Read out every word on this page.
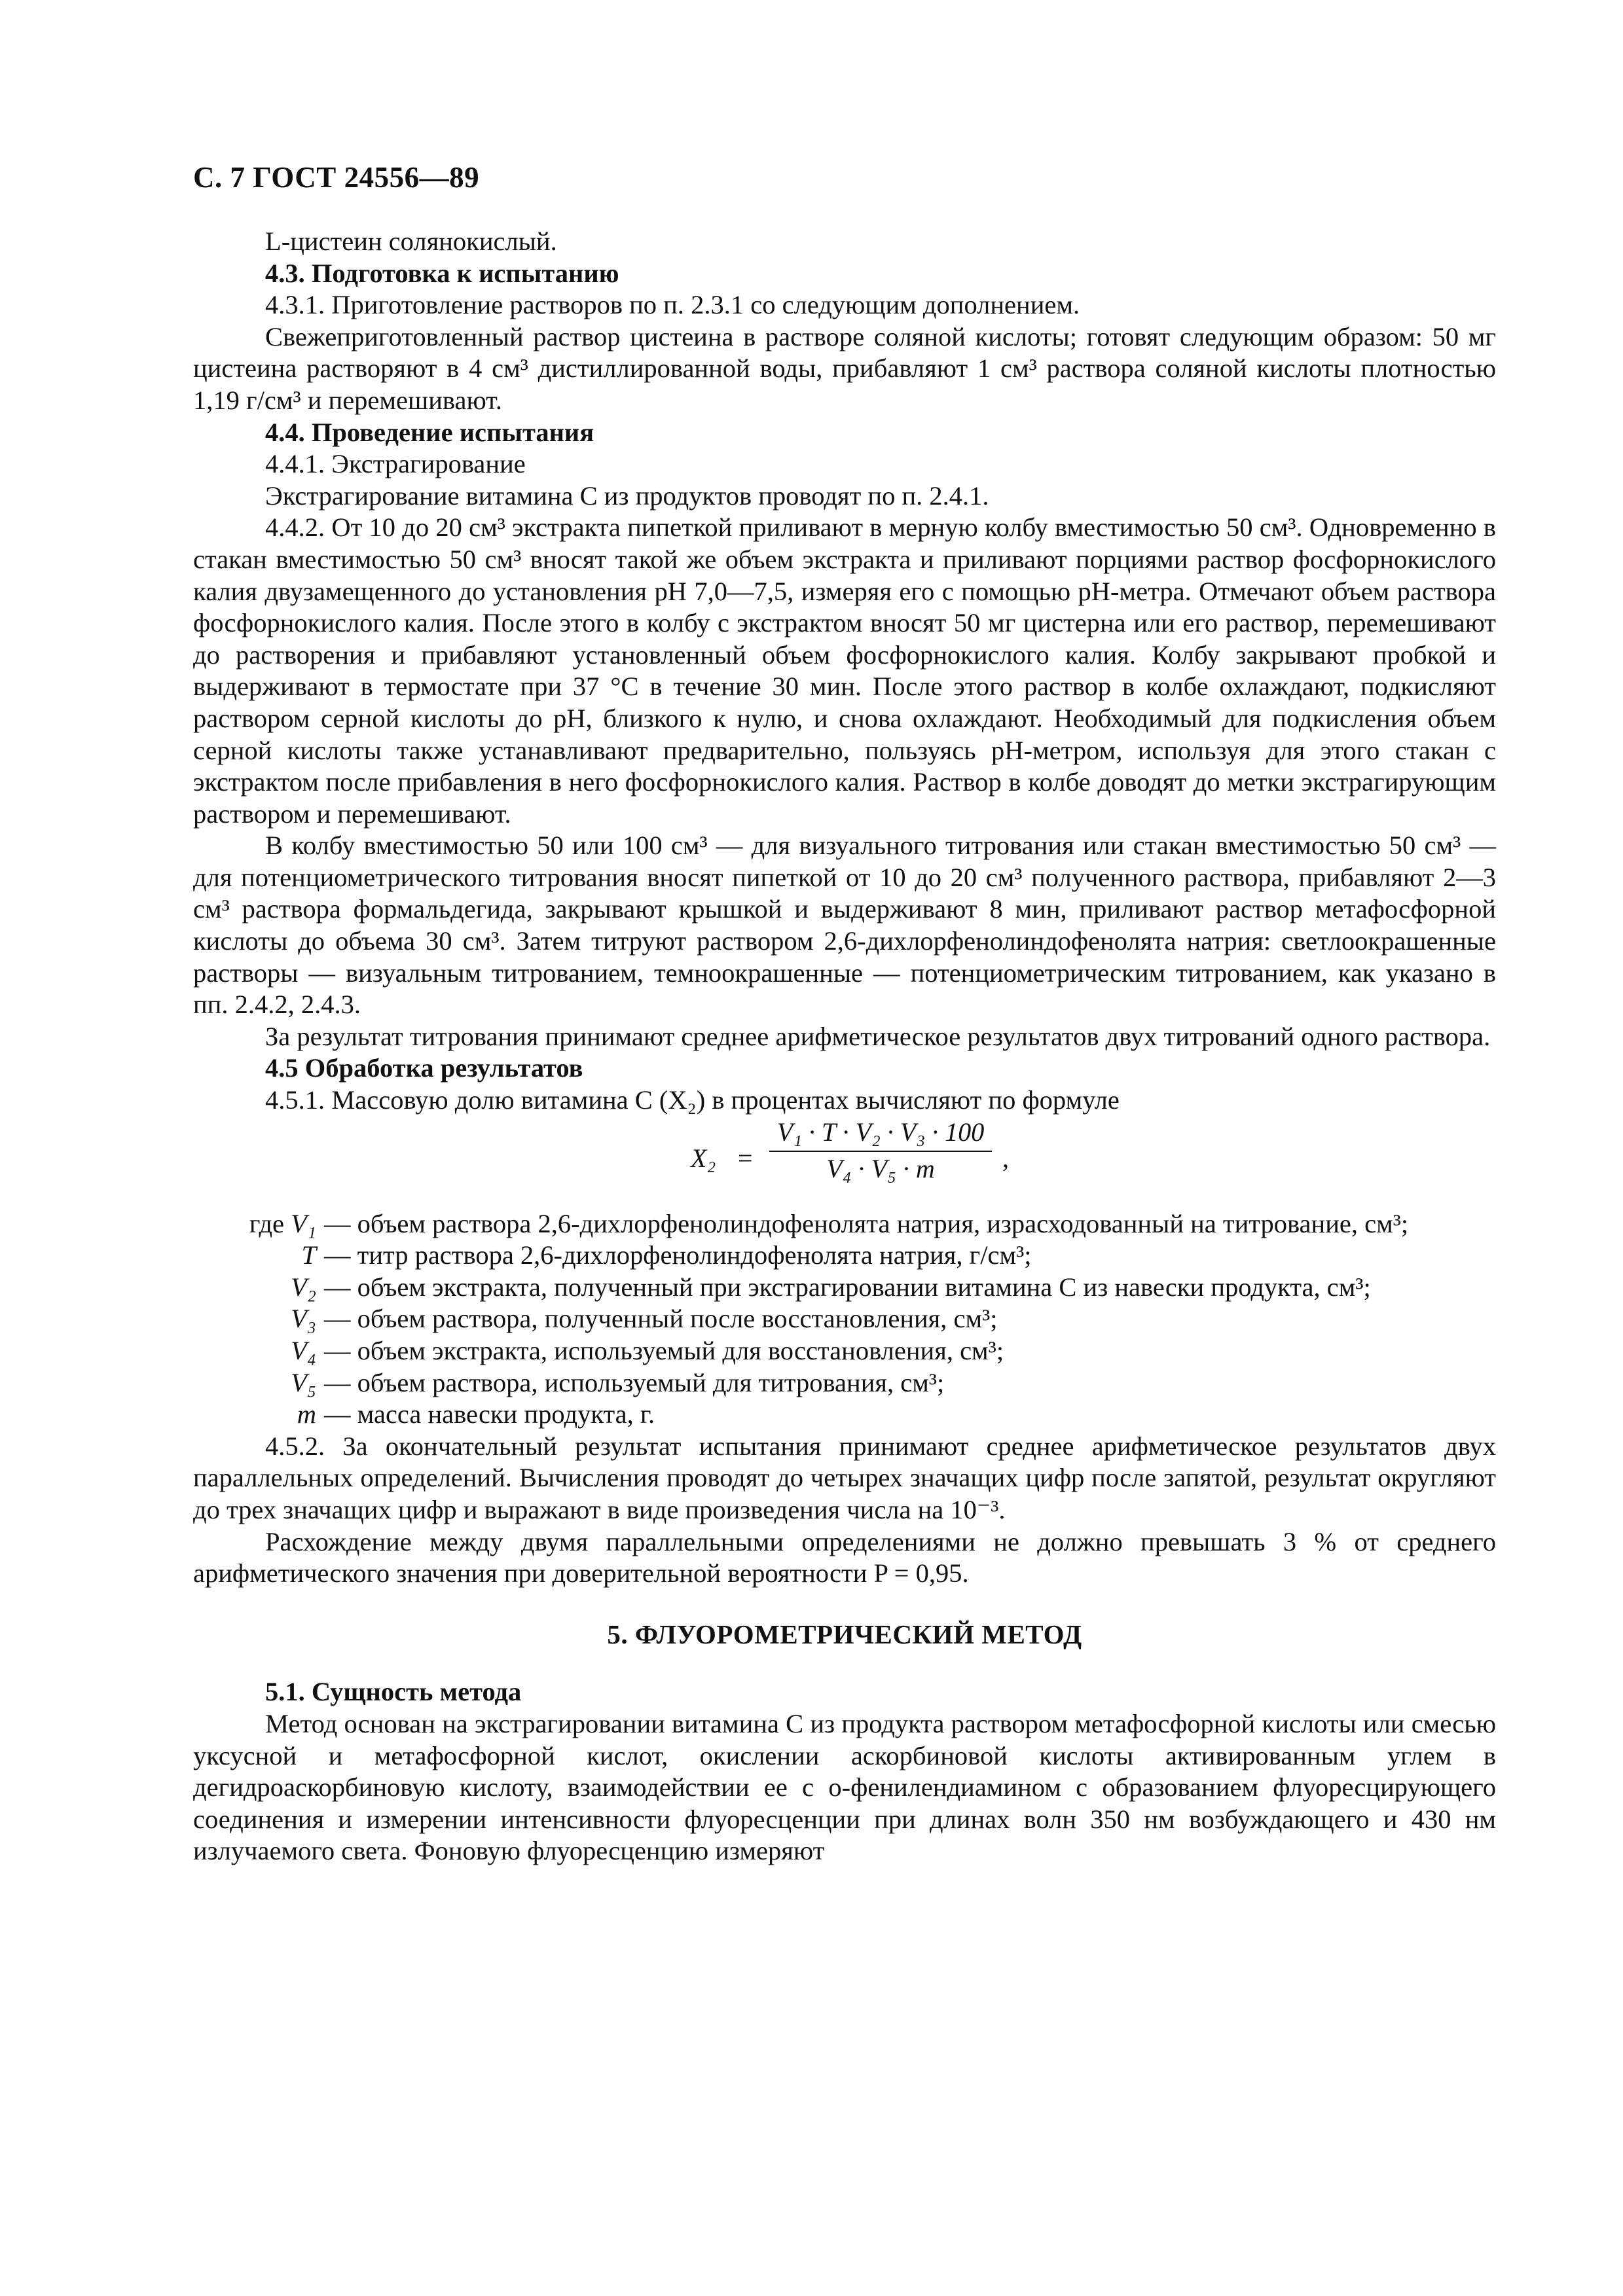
С. 7 ГОСТ 24556—89

L-цистеин солянокислый.

4.3. Подготовка к испытанию

4.3.1. Приготовление растворов по п. 2.3.1 со следующим дополнением.

Свежеприготовленный раствор цистеина в растворе соляной кислоты; готовят следующим образом: 50 мг цистеина растворяют в 4 см³ дистиллированной воды, прибавляют 1 см³ раствора соляной кислоты плотностью 1,19 г/см³ и перемешивают.

4.4. Проведение испытания

4.4.1. Экстрагирование

Экстрагирование витамина С из продуктов проводят по п. 2.4.1.

4.4.2. От 10 до 20 см³ экстракта пипеткой приливают в мерную колбу вместимостью 50 см³. Одновременно в стакан вместимостью 50 см³ вносят такой же объем экстракта и приливают порциями раствор фосфорнокислого калия двузамещенного до установления рН 7,0—7,5, измеряя его с помощью рН-метра. Отмечают объем раствора фосфорнокислого калия. После этого в колбу с экстрактом вносят 50 мг цистерна или его раствор, перемешивают до растворения и прибавляют установленный объем фосфорнокислого калия. Колбу закрывают пробкой и выдерживают в термостате при 37 °С в течение 30 мин. После этого раствор в колбе охлаждают, подкисляют раствором серной кислоты до рН, близкого к нулю, и снова охлаждают. Необходимый для подкисления объем серной кислоты также устанавливают предварительно, пользуясь рН-метром, используя для этого стакан с экстрактом после прибавления в него фосфорнокислого калия. Раствор в колбе доводят до метки экстрагирующим раствором и перемешивают.

В колбу вместимостью 50 или 100 см³ — для визуального титрования или стакан вместимостью 50 см³ — для потенциометрического титрования вносят пипеткой от 10 до 20 см³ полученного раствора, прибавляют 2—3 см³ раствора формальдегида, закрывают крышкой и выдерживают 8 мин, приливают раствор метафосфорной кислоты до объема 30 см³. Затем титруют раствором 2,6-дихлорфенолиндофенолята натрия: светлоокрашенные растворы — визуальным титрованием, темноокрашенные — потенциометрическим титрованием, как указано в пп. 2.4.2, 2.4.3.

За результат титрования принимают среднее арифметическое результатов двух титрований одного раствора.

4.5 Обработка результатов

4.5.1. Массовую долю витамина С (X₂) в процентах вычисляют по формуле

$X_2 = \frac{\text{V₁ · T · V₂ · V₃ · 100}}{\text{V₄ · V₅ · m}}$ ,
где V₁ — объем раствора 2,6-дихлорфенолиндофенолята натрия, израсходованный на титрование, см³;
T — титр раствора 2,6-дихлорфенолиндофенолята натрия, г/см³;
V₂ — объем экстракта, полученный при экстрагировании витамина С из навески продукта, см³;
V₃ — объем раствора, полученный после восстановления, см³;
V₄ — объем экстракта, используемый для восстановления, см³;
V₅ — объем раствора, используемый для титрования, см³;
m — масса навески продукта, г.

4.5.2. За окончательный результат испытания принимают среднее арифметическое результатов двух параллельных определений. Вычисления проводят до четырех значащих цифр после запятой, результат округляют до трех значащих цифр и выражают в виде произведения числа на 10⁻³.

Расхождение между двумя параллельными определениями не должно превышать 3 % от среднего арифметического значения при доверительной вероятности P = 0,95.

5. ФЛУОРОМЕТРИЧЕСКИЙ МЕТОД

5.1. Сущность метода

Метод основан на экстрагировании витамина С из продукта раствором метафосфорной кислоты или смесью уксусной и метафосфорной кислот, окислении аскорбиновой кислоты активированным углем в дегидроаскорбиновую кислоту, взаимодействии ее с о-фенилендиамином с образованием флуоресцирующего соединения и измерении интенсивности флуоресценции при длинах волн 350 нм возбуждающего и 430 нм излучаемого света. Фоновую флуоресценцию измеряют
